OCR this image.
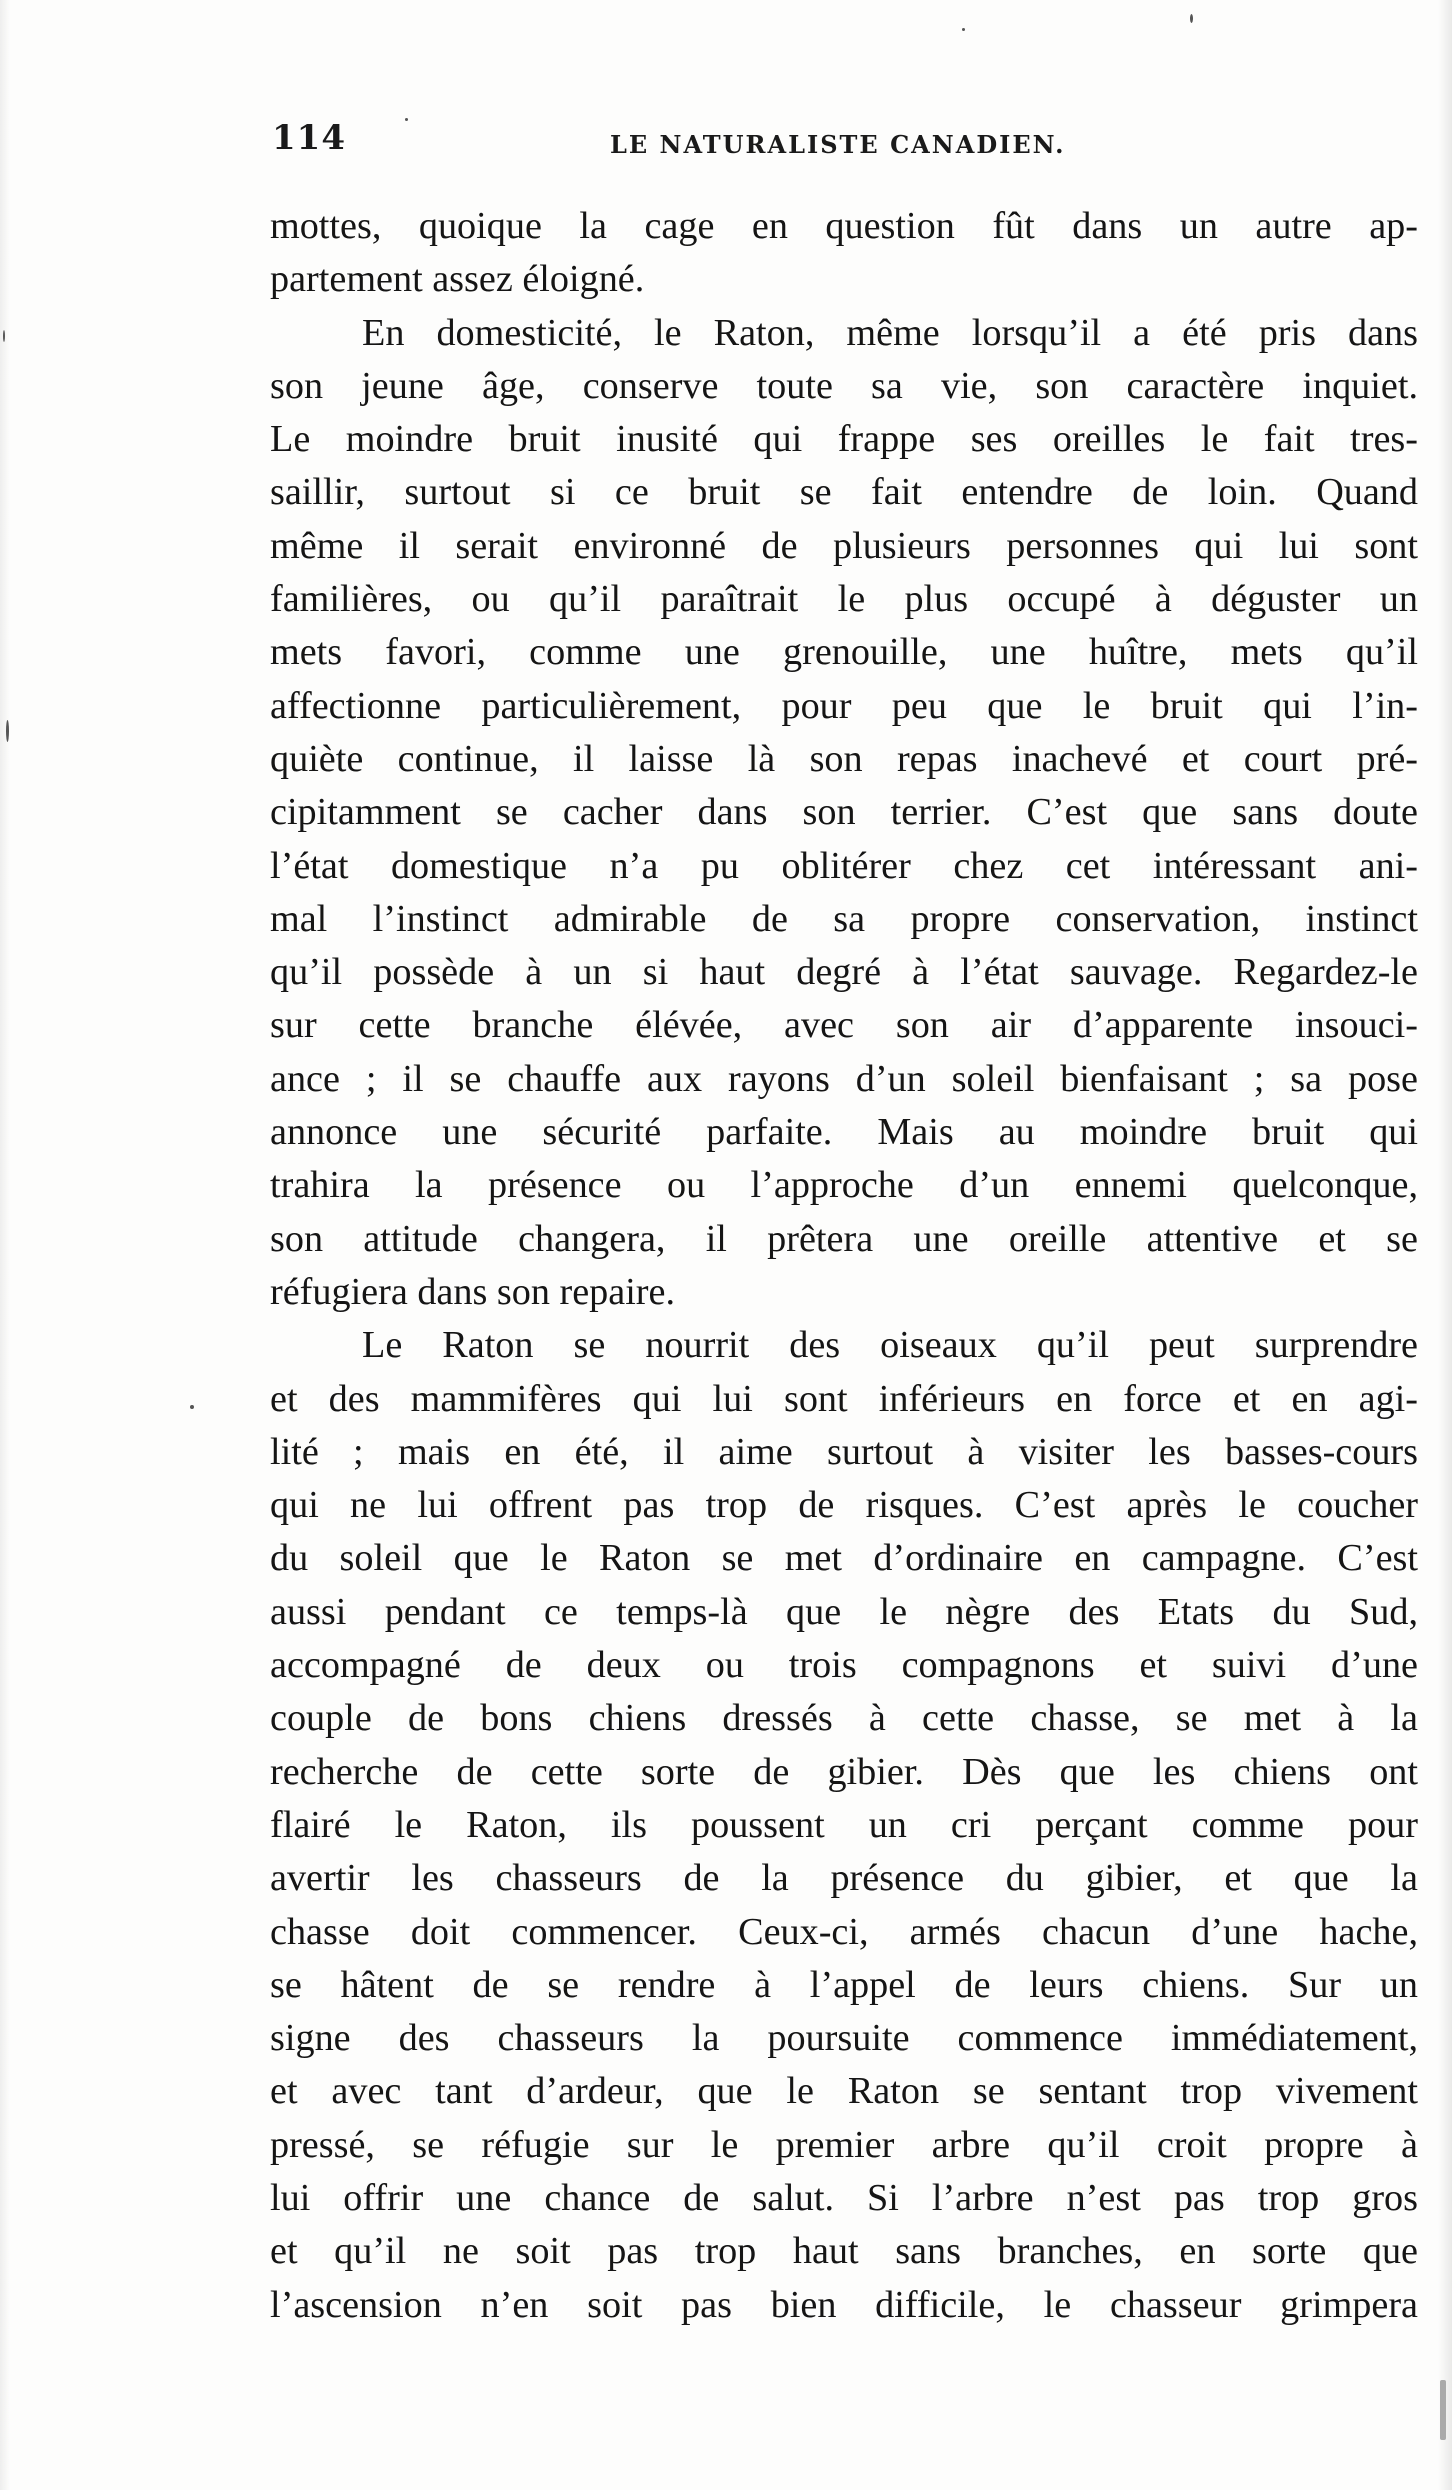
114	LE NATURALISTE CANADIEN.
mottes, quoique la cage en question fût dans un autre ap-
partement assez éloigné.
En domesticité, le Raton, même lorsqu’il a été pris dans
son jeune âge, conserve toute sa vie, son caractère inquiet.
Le moindre bruit inusité qui frappe ses oreilles le fait tres-
saillir, surtout si ce bruit se fait entendre de loin. Quand
même il serait environné de plusieurs personnes qui lui sont
familières, ou qu’il paraîtrait le plus occupé à déguster un
mets favori, comme une grenouille, une huître, mets qu’il
affectionne particulièrement, pour peu que le bruit qui l’in-
quiète continue, il laisse là son repas inachevé et court pré-
cipitamment se cacher dans son terrier. C’est que sans doute
l’état domestique n’a pu oblitérer chez cet intéressant ani-
mal l’instinct admirable de sa propre conservation, instinct
qu’il possède à un si haut degré à l’état sauvage. Regardez-le
sur cette branche élévée, avec son air d’apparente insouci-
ance ; il se chauffe aux rayons d’un soleil bienfaisant ; sa pose
annonce une sécurité parfaite. Mais au moindre bruit qui
trahira la présence ou l’approche d’un ennemi quelconque,
son attitude changera, il prêtera une oreille attentive et se
réfugiera dans son repaire.
Le Raton se nourrit des oiseaux qu’il peut surprendre
et des mammifères qui lui sont inférieurs en force et en agi-
lité ; mais en été, il aime surtout à visiter les basses-cours
qui ne lui offrent pas trop de risques. C’est après le coucher
du soleil que le Raton se met d’ordinaire en campagne. C’est
aussi pendant ce temps-là que le nègre des Etats du Sud,
accompagné de deux ou trois compagnons et suivi d’une
couple de bons chiens dressés à cette chasse, se met à la
recherche de cette sorte de gibier. Dès que les chiens ont
flairé le Raton, ils poussent un cri perçant comme pour
avertir les chasseurs de la présence du gibier, et que la
chasse doit commencer. Ceux-ci, armés chacun d’une hache,
se hâtent de se rendre à l’appel de leurs chiens. Sur un
signe des chasseurs la poursuite commence immédiatement,
et avec tant d’ardeur, que le Raton se sentant trop vivement
pressé, se réfugie sur le premier arbre qu’il croit propre à
lui offrir une chance de salut. Si l’arbre n’est pas trop gros
et qu’il ne soit pas trop haut sans branches, en sorte que
l’ascension n’en soit pas bien difficile, le chasseur grimpera
